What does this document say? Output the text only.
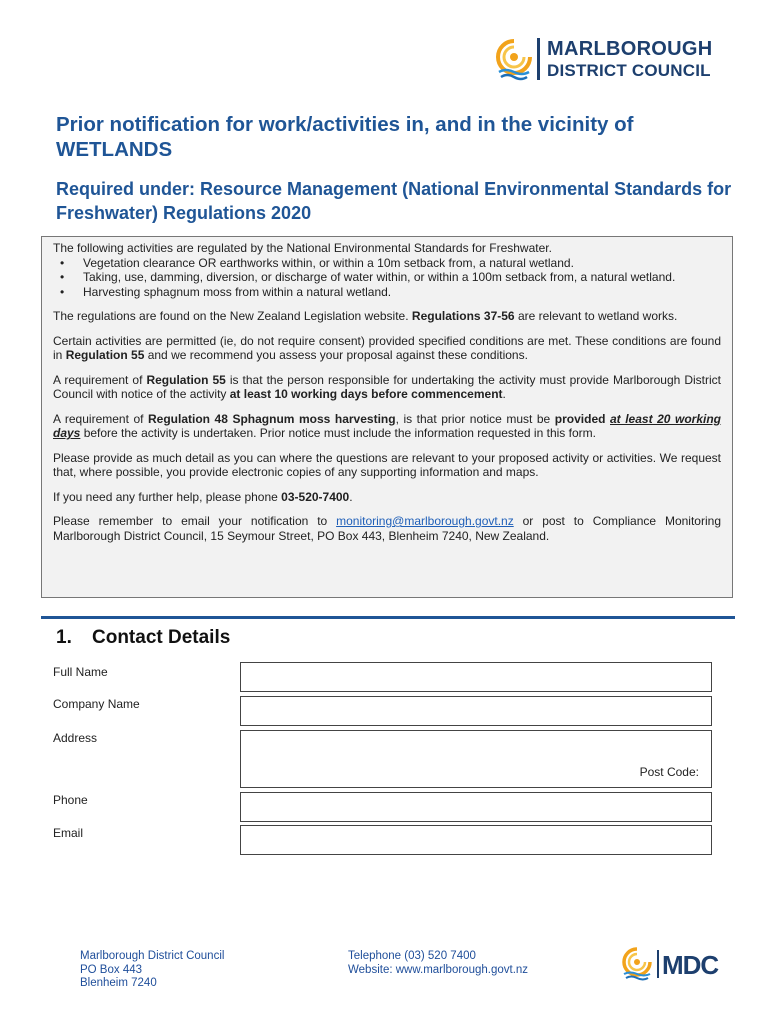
MARLBOROUGH
DISTRICT COUNCIL
Prior notification for work/activities in, and in the vicinity of WETLANDS
Required under: Resource Management (National Environmental Standards for Freshwater) Regulations 2020

The following activities are regulated by the National Environmental Standards for Freshwater.

• Vegetation clearance OR earthworks within, or within a 10m setback from, a natural wetland.
• Taking, use, damming, diversion, or discharge of water within, or within a 100m setback from, a natural wetland.
• Harvesting sphagnum moss from within a natural wetland.

The regulations are found on the New Zealand Legislation website. Regulations 37-56 are relevant to wetland works.

Certain activities are permitted (ie, do not require consent) provided specified conditions are met. These conditions are found in Regulation 55 and we recommend you assess your proposal against these conditions.

A requirement of Regulation 55 is that the person responsible for undertaking the activity must provide Marlborough District Council with notice of the activity at least 10 working days before commencement.

A requirement of Regulation 48 Sphagnum moss harvesting, is that prior notice must be provided at least 20 working days before the activity is undertaken. Prior notice must include the information requested in this form.

Please provide as much detail as you can where the questions are relevant to your proposed activity or activities. We request that, where possible, you provide electronic copies of any supporting information and maps.

If you need any further help, please phone 03-520-7400.

Please remember to email your notification to monitoring@marlborough.govt.nz or post to Compliance Monitoring Marlborough District Council, 15 Seymour Street, PO Box 443, Blenheim 7240, New Zealand.

1. Contact Details
Full Name
Company Name
Address
Post Code:
Phone
Email
Marlborough District Council
PO Box 443
Blenheim 7240
Telephone (03) 520 7400
Website: www.marlborough.govt.nz	MDC
